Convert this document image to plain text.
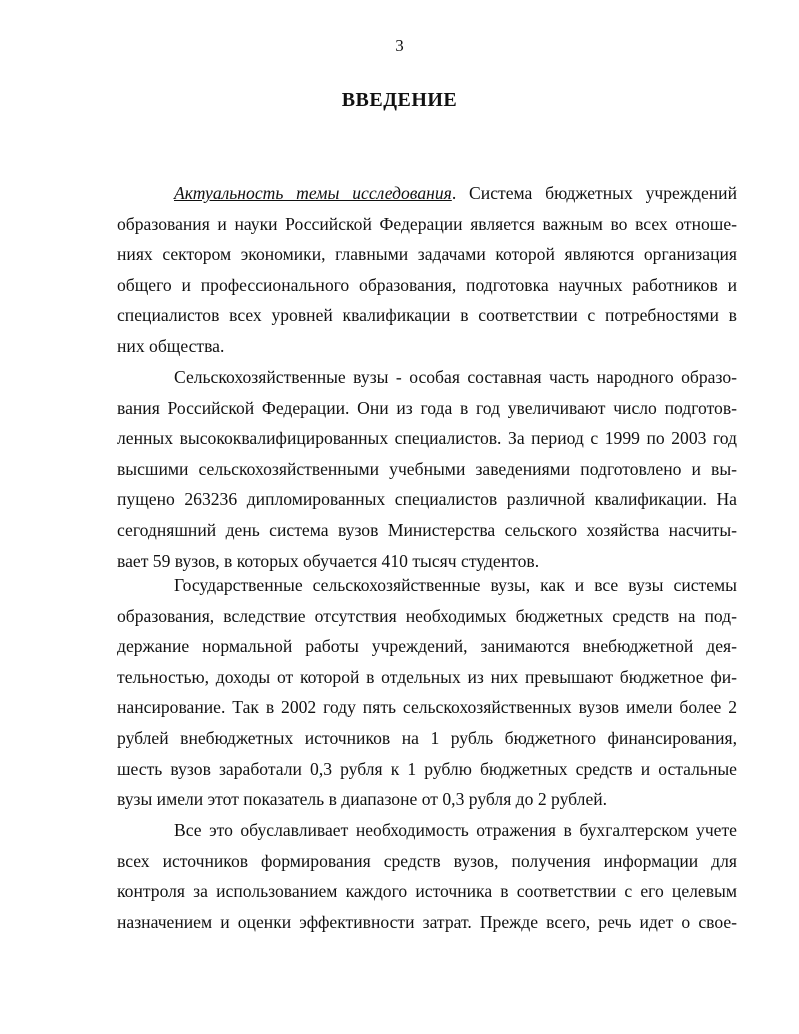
3
ВВЕДЕНИЕ
Актуальность темы исследования. Система бюджетных учреждений
образования и науки Российской Федерации является важным во всех отноше-
ниях сектором экономики, главными задачами которой являются организация
общего и профессионального образования, подготовка научных работников и
специалистов всех уровней квалификации в соответствии с потребностями в
них общества.
Сельскохозяйственные вузы - особая составная часть народного образо-
вания Российской Федерации. Они из года в год увеличивают число подготов-
ленных высококвалифицированных специалистов. За период с 1999 по 2003 год
высшими сельскохозяйственными учебными заведениями подготовлено и вы-
пущено 263236 дипломированных специалистов различной квалификации. На
сегодняшний день система вузов Министерства сельского хозяйства насчиты-
вает 59 вузов, в которых обучается 410 тысяч студентов.
Государственные сельскохозяйственные вузы, как и все вузы системы
образования, вследствие отсутствия необходимых бюджетных средств на под-
держание нормальной работы учреждений, занимаются внебюджетной дея-
тельностью, доходы от которой в отдельных из них превышают бюджетное фи-
нансирование. Так в 2002 году пять сельскохозяйственных вузов имели более 2
рублей внебюджетных источников на 1 рубль бюджетного финансирования,
шесть вузов заработали 0,3 рубля к 1 рублю бюджетных средств и остальные
вузы имели этот показатель в диапазоне от 0,3 рубля до 2 рублей.
Все это обуславливает необходимость отражения в бухгалтерском учете
всех источников формирования средств вузов, получения информации для
контроля за использованием каждого источника в соответствии с его целевым
назначением и оценки эффективности затрат. Прежде всего, речь идет о свое-
